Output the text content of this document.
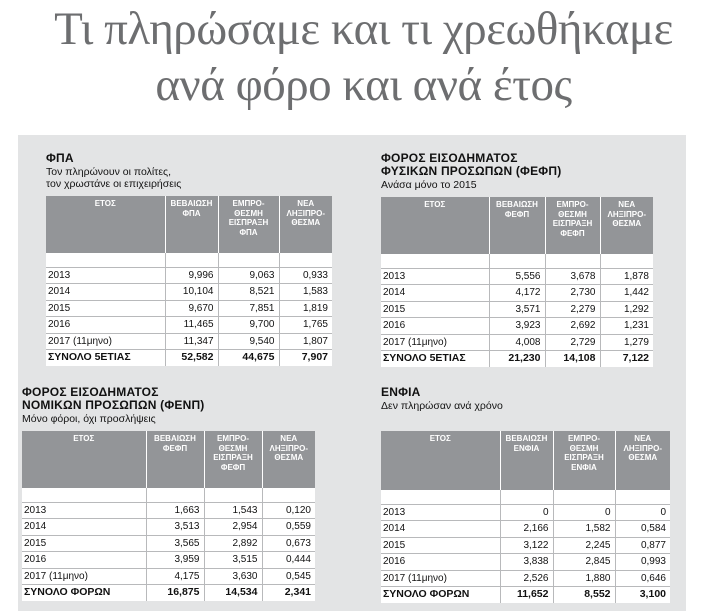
Τι πληρώσαμε και τι χρεωθήκαμε
ανά φόρο και ανά έτος
ΦΠΑ
Τον πληρώνουν οι πολίτες,
τον χρωστάνε οι επιχειρήσεις
ΕΤΟΣ	ΒΕΒΑΙΩΣΗ ΦΠΑ	ΕΜΠΡΟ- ΘΕΣΜΗ ΕΙΣΠΡΑΞΗ ΦΠΑ	ΝΕΑ ΛΗΞΙΠΡΟ- ΘΕΣΜΑ

2013	9,996	9,063	0,933
2014	10,104	8,521	1,583
2015	9,670	7,851	1,819
2016	11,465	9,700	1,765
2017 (11μηνο)	11,347	9,540	1,807
ΣΥΝΟΛΟ 5ΕΤΙΑΣ	52,582	44,675	7,907
ΦΟΡΟΣ ΕΙΣΟΔΗΜΑΤΟΣ
ΦΥΣΙΚΩΝ ΠΡΟΣΩΠΩΝ (ΦΕΦΠ)
Ανάσα μόνο το 2015
ΕΤΟΣ	ΒΕΒΑΙΩΣΗ ΦΕΦΠ	ΕΜΠΡΟ- ΘΕΣΜΗ ΕΙΣΠΡΑΞΗ ΦΕΦΠ	ΝΕΑ ΛΗΞΙΠΡΟ- ΘΕΣΜΑ

2013	5,556	3,678	1,878
2014	4,172	2,730	1,442
2015	3,571	2,279	1,292
2016	3,923	2,692	1,231
2017 (11μηνο)	4,008	2,729	1,279
ΣΥΝΟΛΟ 5ΕΤΙΑΣ	21,230	14,108	7,122
ΦΟΡΟΣ ΕΙΣΟΔΗΜΑΤΟΣ
ΝΟΜΙΚΩΝ ΠΡΟΣΩΠΩΝ (ΦΕΝΠ)
Μόνο φόροι, όχι προσλήψεις
ΕΤΟΣ	ΒΕΒΑΙΩΣΗ ΦΕΦΠ	ΕΜΠΡΟ- ΘΕΣΜΗ ΕΙΣΠΡΑΞΗ ΦΕΦΠ	ΝΕΑ ΛΗΞΙΠΡΟ- ΘΕΣΜΑ

2013	1,663	1,543	0,120
2014	3,513	2,954	0,559
2015	3,565	2,892	0,673
2016	3,959	3,515	0,444
2017 (11μηνο)	4,175	3,630	0,545
ΣΥΝΟΛΟ ΦΟΡΩΝ	16,875	14,534	2,341
ΕΝΦΙΑ
Δεν πληρώσαν ανά χρόνο
ΕΤΟΣ	ΒΕΒΑΙΩΣΗ ΕΝΦΙΑ	ΕΜΠΡΟ- ΘΕΣΜΗ ΕΙΣΠΡΑΞΗ ΕΝΦΙΑ	ΝΕΑ ΛΗΞΙΠΡΟ- ΘΕΣΜΑ

2013	0	0	0
2014	2,166	1,582	0,584
2015	3,122	2,245	0,877
2016	3,838	2,845	0,993
2017 (11μηνο)	2,526	1,880	0,646
ΣΥΝΟΛΟ ΦΟΡΩΝ	11,652	8,552	3,100
